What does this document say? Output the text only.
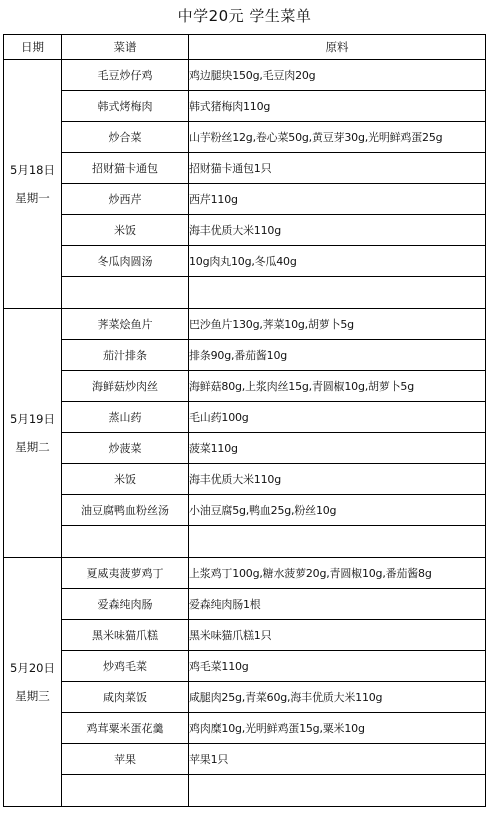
中学20元 学生菜单
日期	菜谱	原料

5月18日
星期一	毛豆炒仔鸡	鸡边腿块150g,毛豆肉20g
	韩式烤梅肉	韩式猪梅肉110g
	炒合菜	山芋粉丝12g,卷心菜50g,黄豆芽30g,光明鲜鸡蛋25g
	招财猫卡通包	招财猫卡通包1只
	炒西芹	西芹110g
	米饭	海丰优质大米110g
	冬瓜肉圆汤	10g肉丸10g,冬瓜40g

5月19日
星期二	荠菜烩鱼片	巴沙鱼片130g,荠菜10g,胡萝卜5g
	茄汁排条	排条90g,番茄酱10g
	海鲜菇炒肉丝	海鲜菇80g,上浆肉丝15g,青圆椒10g,胡萝卜5g
	蒸山药	毛山药100g
	炒菠菜	菠菜110g
	米饭	海丰优质大米110g
	油豆腐鸭血粉丝汤	小油豆腐5g,鸭血25g,粉丝10g

5月20日
星期三	夏威夷菠萝鸡丁	上浆鸡丁100g,糖水菠萝20g,青圆椒10g,番茄酱8g
	爱森纯肉肠	爱森纯肉肠1根
	黑米味猫爪糕	黑米味猫爪糕1只
	炒鸡毛菜	鸡毛菜110g
	咸肉菜饭	咸腿肉25g,青菜60g,海丰优质大米110g
	鸡茸粟米蛋花羹	鸡肉糜10g,光明鲜鸡蛋15g,粟米10g
	苹果	苹果1只
